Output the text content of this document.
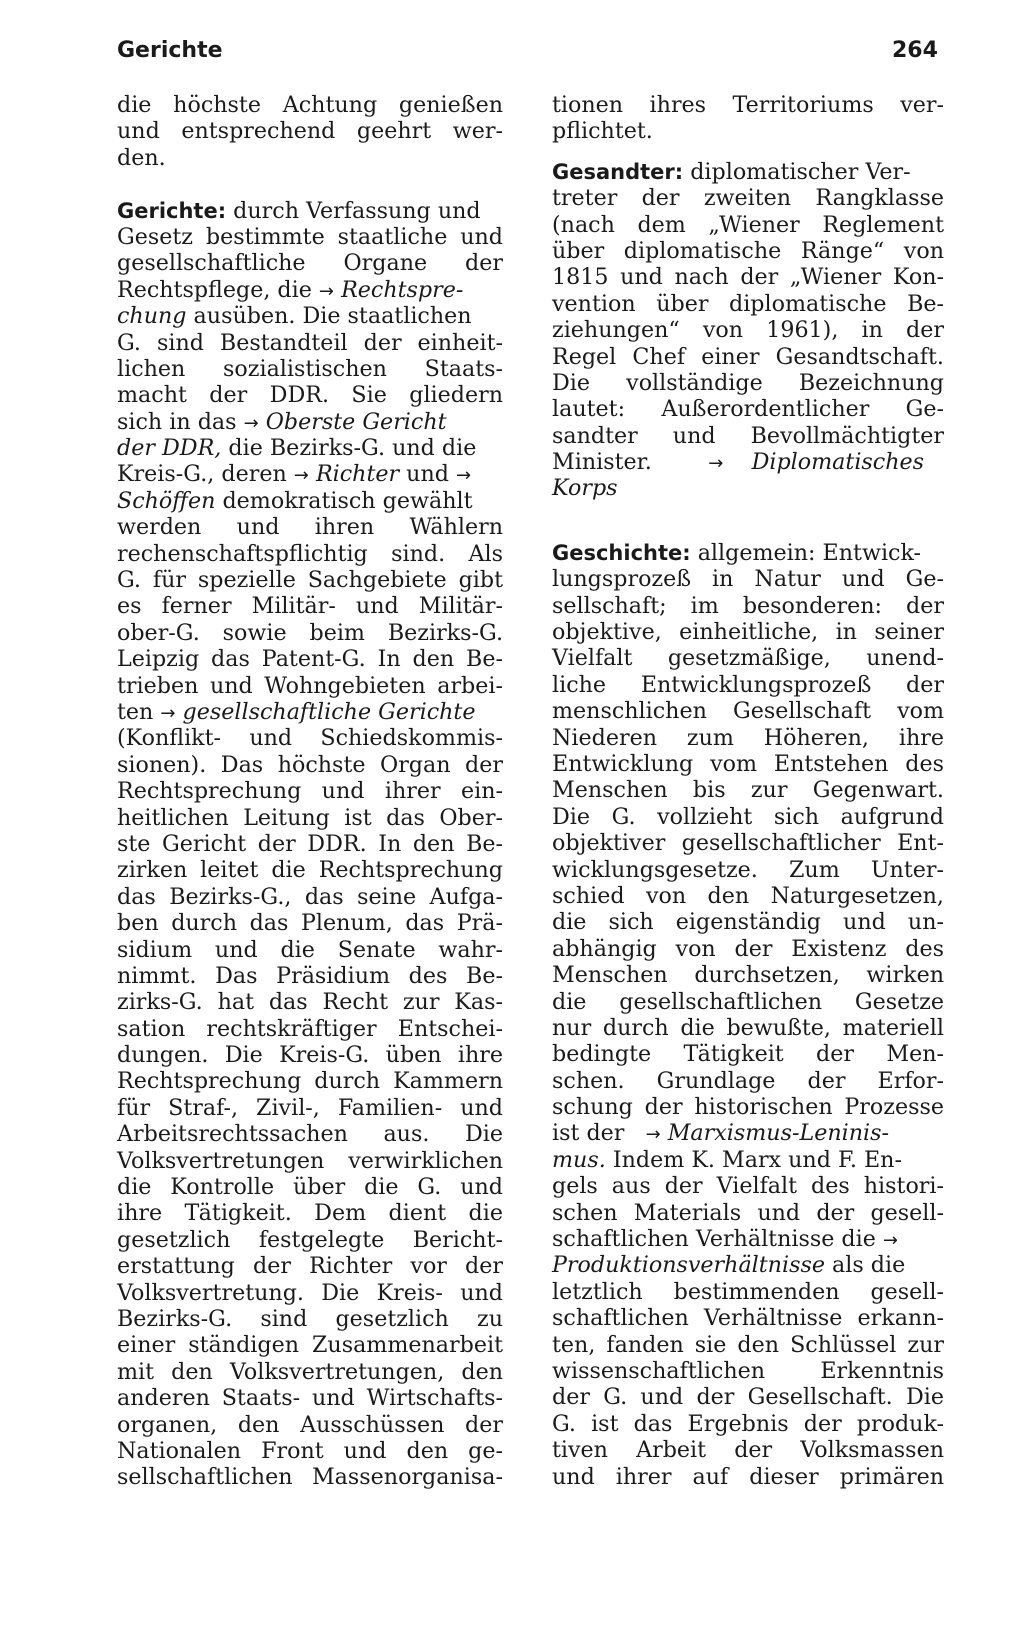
Gerichte	264
die höchste Achtung genießen
und entsprechend geehrt wer-
den.
Gerichte: durch Verfassung und
Gesetz bestimmte staatliche und
gesellschaftliche Organe der
Rechtspflege, die → Rechtspre-
chung ausüben. Die staatlichen
G. sind Bestandteil der einheit-
lichen sozialistischen Staats-
macht der DDR. Sie gliedern
sich in das → Oberste Gericht
der DDR, die Bezirks-G. und die
Kreis-G., deren → Richter und →
Schöffen demokratisch gewählt
werden und ihren Wählern
rechenschaftspflichtig sind. Als
G. für spezielle Sachgebiete gibt
es ferner Militär- und Militär-
ober-G. sowie beim Bezirks-G.
Leipzig das Patent-G. In den Be-
trieben und Wohngebieten arbei-
ten → gesellschaftliche Gerichte
(Konflikt- und Schiedskommis-
sionen). Das höchste Organ der
Rechtsprechung und ihrer ein-
heitlichen Leitung ist das Ober-
ste Gericht der DDR. In den Be-
zirken leitet die Rechtsprechung
das Bezirks-G., das seine Aufga-
ben durch das Plenum, das Prä-
sidium und die Senate wahr-
nimmt. Das Präsidium des Be-
zirks-G. hat das Recht zur Kas-
sation rechtskräftiger Entschei-
dungen. Die Kreis-G. üben ihre
Rechtsprechung durch Kammern
für Straf-, Zivil-, Familien- und
Arbeitsrechtssachen aus. Die
Volksvertretungen verwirklichen
die Kontrolle über die G. und
ihre Tätigkeit. Dem dient die
gesetzlich festgelegte Bericht-
erstattung der Richter vor der
Volksvertretung. Die Kreis- und
Bezirks-G. sind gesetzlich zu
einer ständigen Zusammenarbeit
mit den Volksvertretungen, den
anderen Staats- und Wirtschafts-
organen, den Ausschüssen der
Nationalen Front und den ge-
sellschaftlichen Massenorganisa-
tionen ihres Territoriums ver-
pflichtet.
Gesandter: diplomatischer Ver-
treter der zweiten Rangklasse
(nach dem „Wiener Reglement
über diplomatische Ränge“ von
1815 und nach der „Wiener Kon-
vention über diplomatische Be-
ziehungen“ von 1961), in der
Regel Chef einer Gesandtschaft.
Die vollständige Bezeichnung
lautet: Außerordentlicher Ge-
sandter und Bevollmächtigter
Minister.	→ Diplomatisches
Korps
Geschichte: allgemein: Entwick-
lungsprozeß in Natur und Ge-
sellschaft; im besonderen: der
objektive, einheitliche, in seiner
Vielfalt gesetzmäßige, unend-
liche Entwicklungsprozeß der
menschlichen Gesellschaft vom
Niederen zum Höheren, ihre
Entwicklung vom Entstehen des
Menschen bis zur Gegenwart.
Die G. vollzieht sich aufgrund
objektiver gesellschaftlicher Ent-
wicklungsgesetze. Zum Unter-
schied von den Naturgesetzen,
die sich eigenständig und un-
abhängig von der Existenz des
Menschen durchsetzen, wirken
die gesellschaftlichen Gesetze
nur durch die bewußte, materiell
bedingte Tätigkeit der Men-
schen. Grundlage der Erfor-
schung der historischen Prozesse
ist der   → Marxismus-Leninis-
mus. Indem K. Marx und F. En-
gels aus der Vielfalt des histori-
schen Materials und der gesell-
schaftlichen Verhältnisse die →
Produktionsverhältnisse als die
letztlich bestimmenden gesell-
schaftlichen Verhältnisse erkann-
ten, fanden sie den Schlüssel zur
wissenschaftlichen Erkenntnis
der G. und der Gesellschaft. Die
G. ist das Ergebnis der produk-
tiven Arbeit der Volksmassen
und ihrer auf dieser primären
